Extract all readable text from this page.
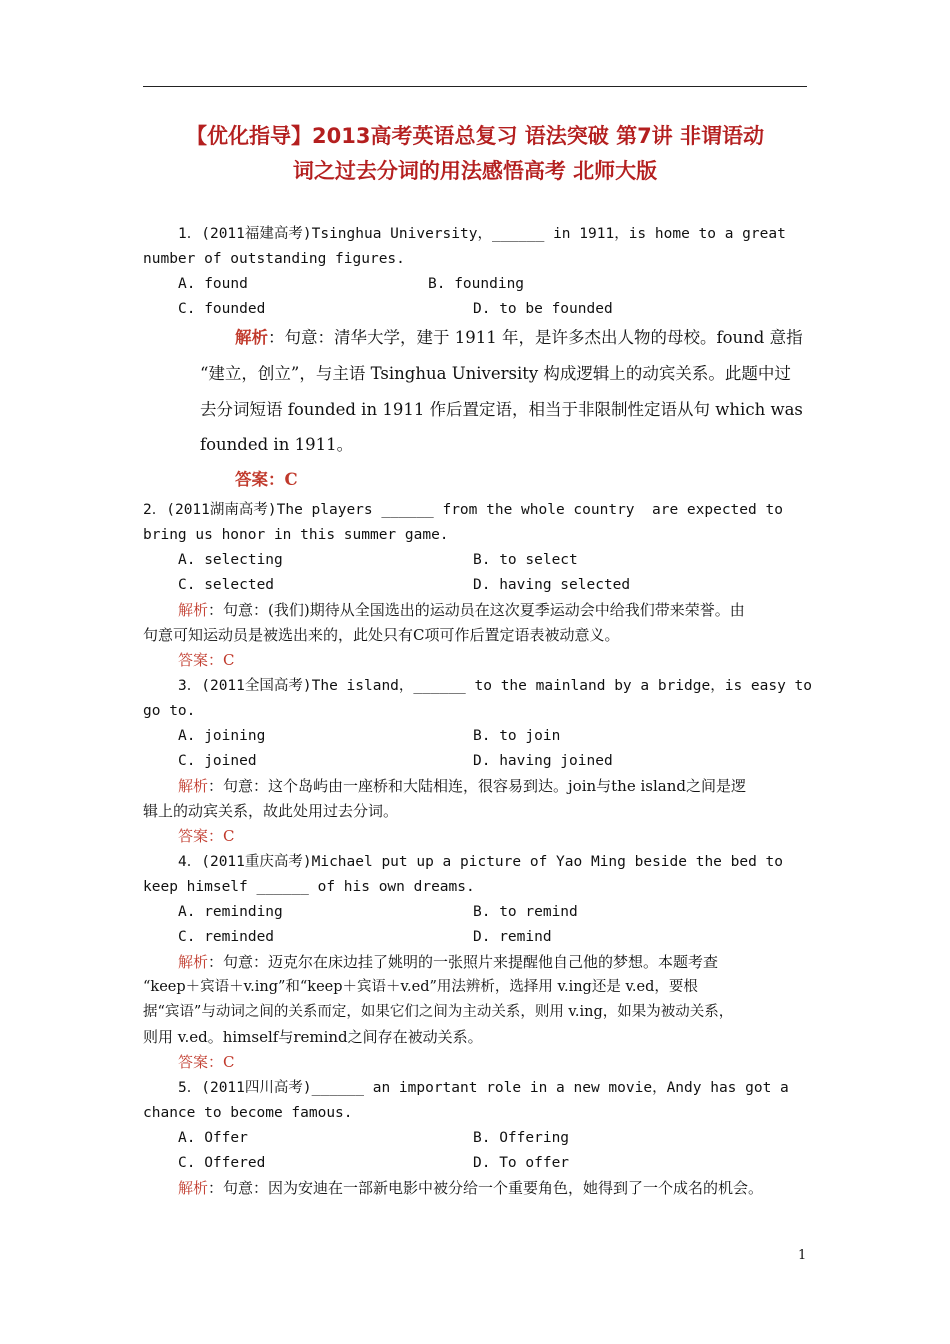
【优化指导】2013高考英语总复习 语法突破 第7讲 非谓语动
词之过去分词的用法感悟高考 北师大版
1．(2011福建高考)Tsinghua University，______ in 1911，is home to a great
number of outstanding figures.
A. found	B. founding
C. founded	D. to be founded
解析：句意：清华大学，建于 1911 年，是许多杰出人物的母校。found 意指
“建立，创立”，与主语 Tsinghua University 构成逻辑上的动宾关系。此题中过
去分词短语 founded in 1911 作后置定语，相当于非限制性定语从句 which was
founded in 1911。
答案：C
2．(2011湖南高考)The players ______ from the whole country  are expected to
bring us honor in this summer game.
A. selecting	B. to select
C. selected	D. having selected
解析：句意：(我们)期待从全国选出的运动员在这次夏季运动会中给我们带来荣誉。由
句意可知运动员是被选出来的，此处只有C项可作后置定语表被动意义。
答案：C
3．(2011全国高考)The island，______ to the mainland by a bridge，is easy to
go to.
A. joining	B. to join
C. joined	D. having joined
解析：句意：这个岛屿由一座桥和大陆相连，很容易到达。join与the island之间是逻
辑上的动宾关系，故此处用过去分词。
答案：C
4．(2011重庆高考)Michael put up a picture of Yao Ming beside the bed to
keep himself ______ of his own dreams.
A. reminding	B. to remind
C. reminded	D. remind
解析：句意：迈克尔在床边挂了姚明的一张照片来提醒他自己他的梦想。本题考查
“keep＋宾语＋v.ing”和“keep＋宾语＋v.ed”用法辨析，选择用 v.ing还是 v.ed，要根
据“宾语”与动词之间的关系而定，如果它们之间为主动关系，则用 v.ing，如果为被动关系，
则用 v.ed。himself与remind之间存在被动关系。
答案：C
5．(2011四川高考)______ an important role in a new movie，Andy has got a
chance to become famous.
A. Offer	B. Offering
C. Offered	D. To offer
解析：句意：因为安迪在一部新电影中被分给一个重要角色，她得到了一个成名的机会。
1
